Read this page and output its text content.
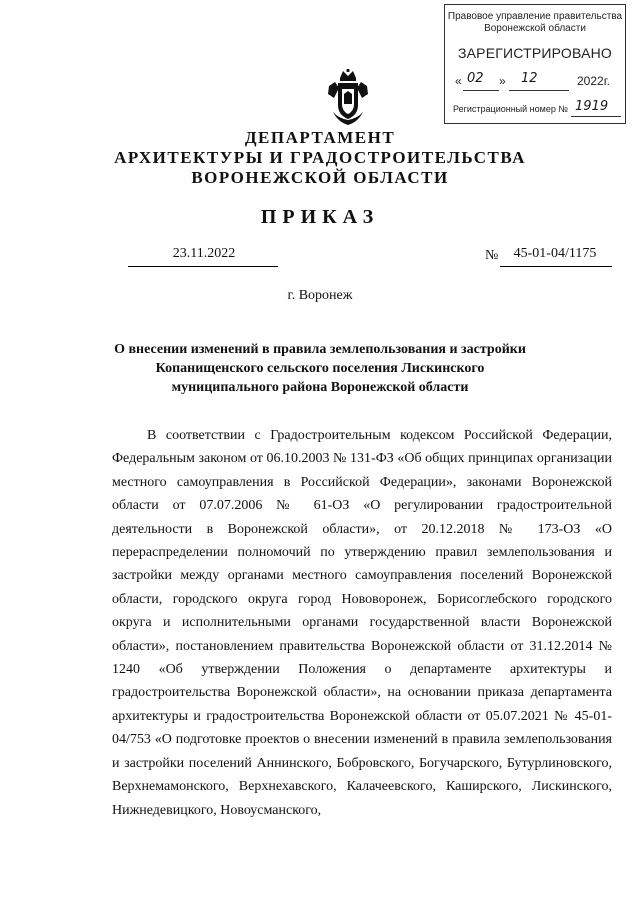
Правовое управление правительства
Воронежской области
ЗАРЕГИСТРИРОВАНО
« 02 » 12	2022г.
Регистрационный номер № 1919
ДЕПАРТАМЕНТ
АРХИТЕКТУРЫ И ГРАДОСТРОИТЕЛЬСТВА
ВОРОНЕЖСКОЙ ОБЛАСТИ
ПРИКАЗ
23.11.2022	№	45-01-04/1175
г. Воронеж
О внесении изменений в правила землепользования и застройки Копанищенского сельского поселения Лискинского муниципального района Воронежской области

В соответствии с Градостроительным кодексом Российской Федерации, Федеральным законом от 06.10.2003 № 131-ФЗ «Об общих принципах организации местного самоуправления в Российской Федерации», законами Воронежской области от 07.07.2006 № 61-ОЗ «О регулировании градостроительной деятельности в Воронежской области», от 20.12.2018 № 173-ОЗ «О перераспределении полномочий по утверждению правил землепользования и застройки между органами местного самоуправления поселений Воронежской области, городского округа город Нововоронеж, Борисоглебского городского округа и исполнительными органами государственной власти Воронежской области», постановлением правительства Воронежской области от 31.12.2014 № 1240 «Об утверждении Положения о департаменте архитектуры и градостроительства Воронежской области», на основании приказа департамента архитектуры и градостроительства Воронежской области от 05.07.2021 № 45-01-04/753 «О подготовке проектов о внесении изменений в правила землепользования и застройки поселений Аннинского, Бобровского, Богучарского, Бутурлиновского, Верхнемамонского, Верхнехавского, Калачеевского, Каширского, Лискинского, Нижнедевицкого, Новоусманского,
